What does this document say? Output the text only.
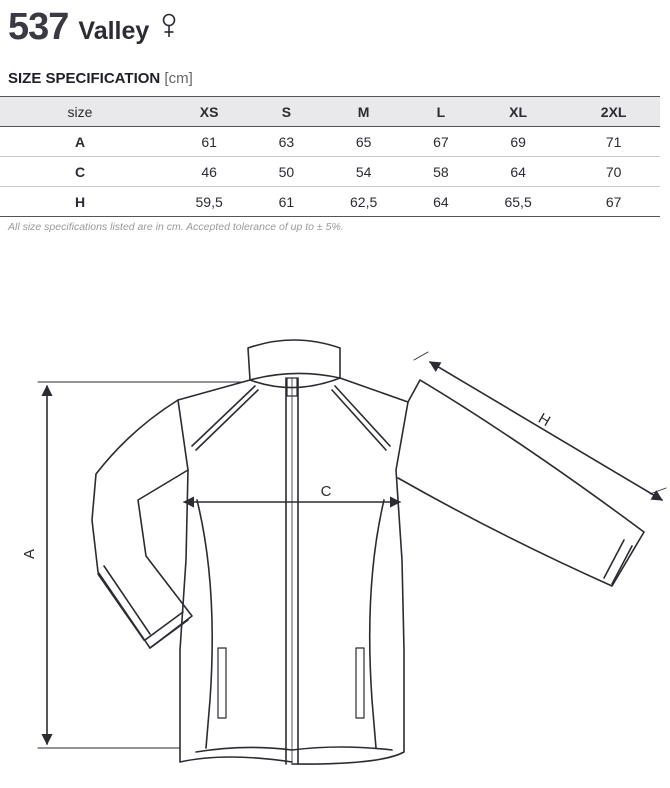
537 Valley
SIZE SPECIFICATION [cm]
size	XS	S	M	L	XL	2XL
A	61	63	65	67	69	71
C	46	50	54	58	64	70
H	59,5	61	62,5	64	65,5	67
All size specifications listed are in cm. Accepted tolerance of up to ± 5%.
A
C
H
